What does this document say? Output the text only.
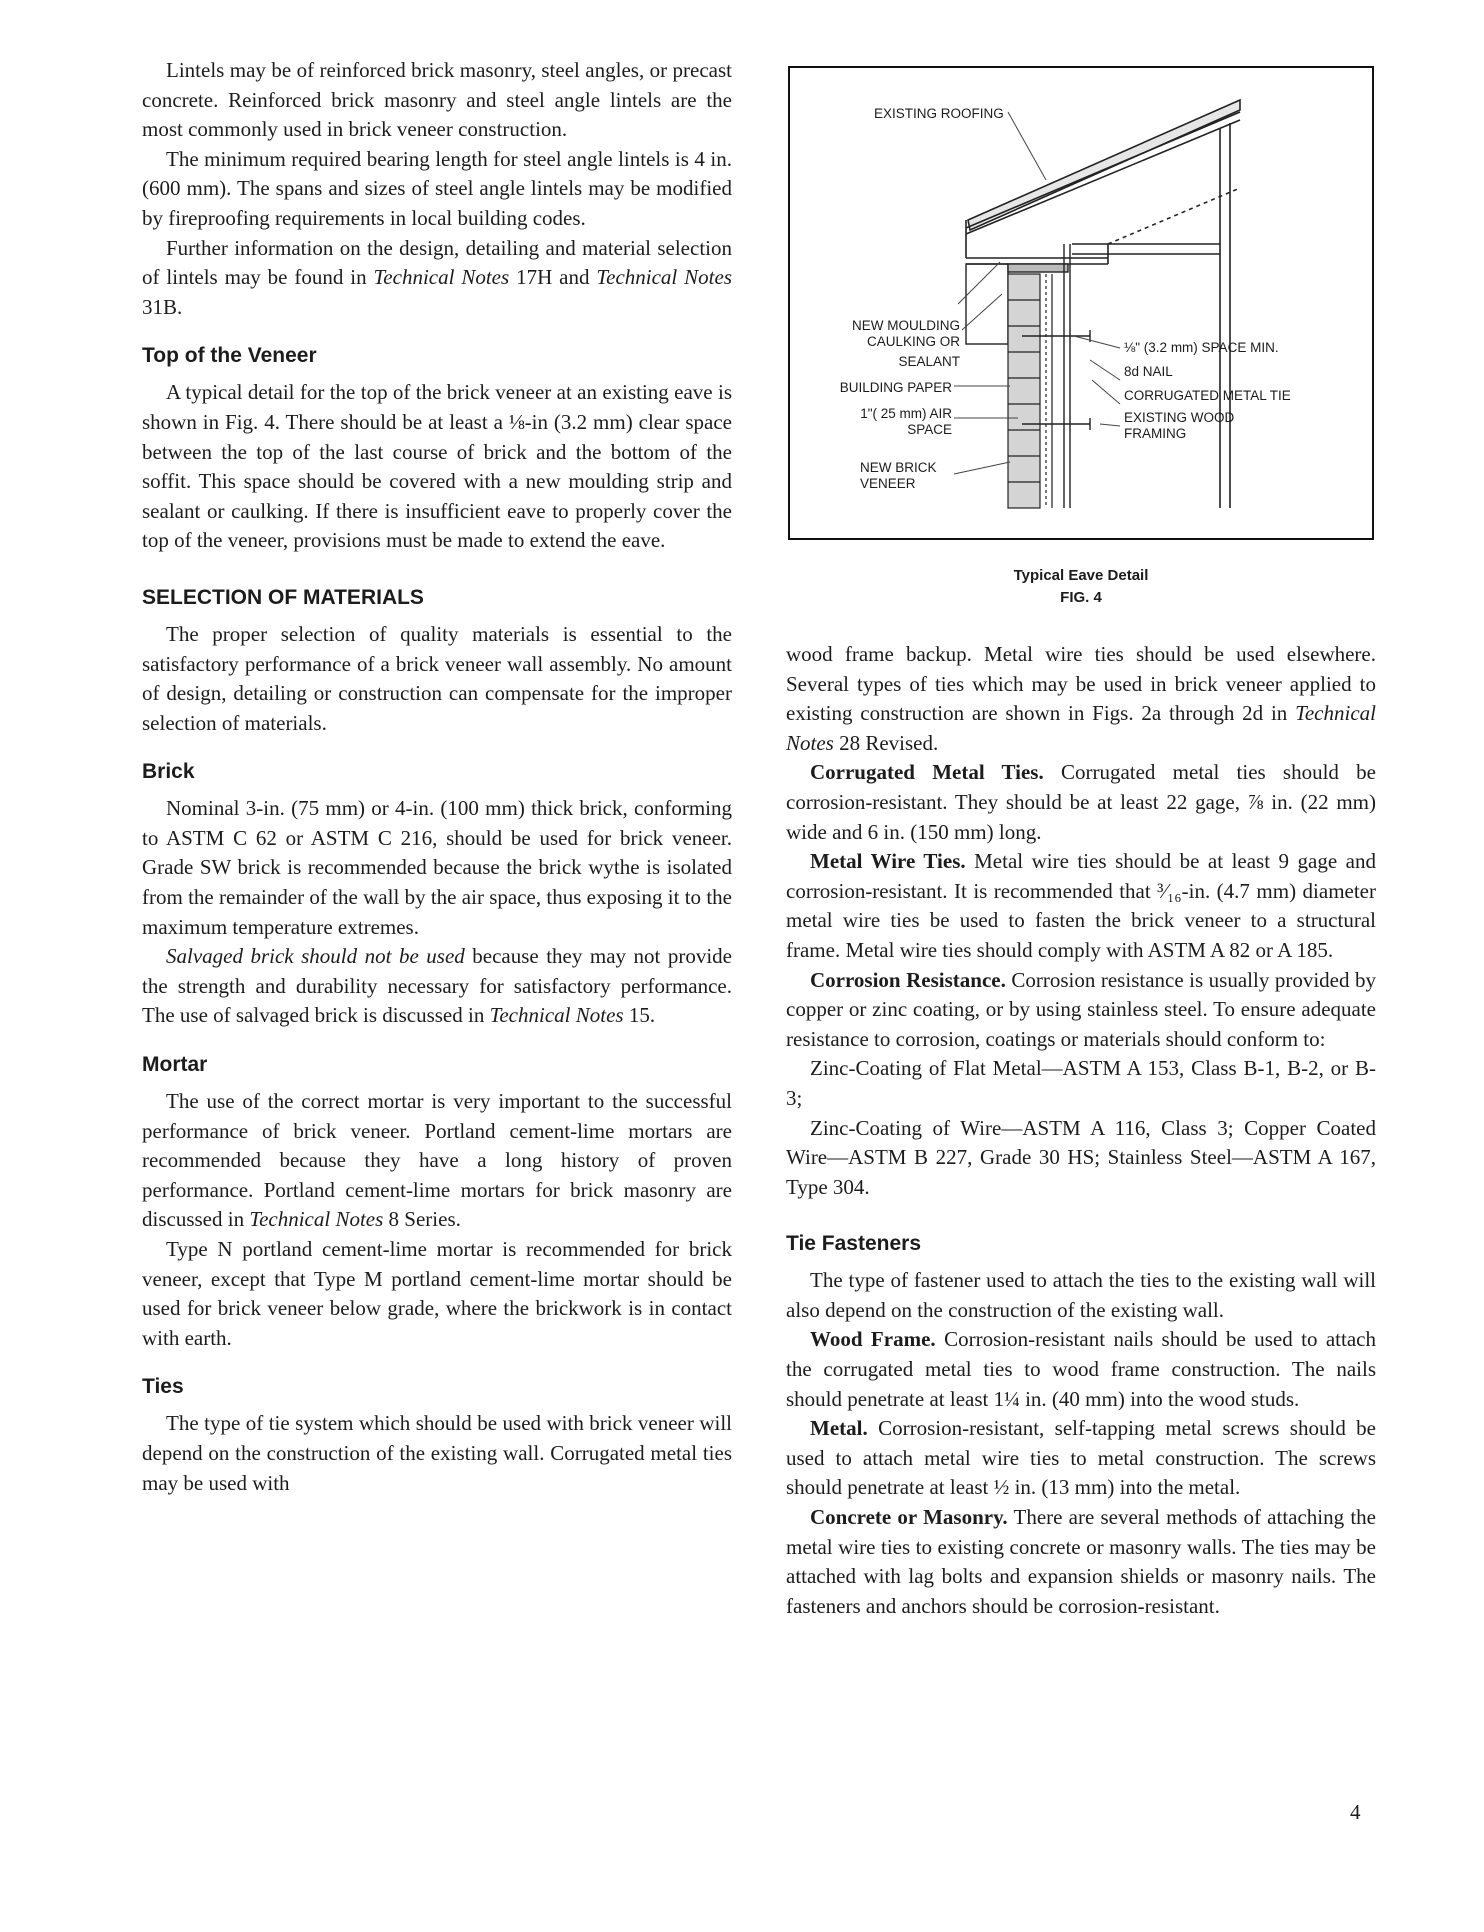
Lintels may be of reinforced brick masonry, steel angles, or precast concrete. Reinforced brick masonry and steel angle lintels are the most commonly used in brick veneer construction.

The minimum required bearing length for steel angle lintels is 4 in. (600 mm). The spans and sizes of steel angle lintels may be modified by fireproofing requirements in local building codes.

Further information on the design, detailing and material selection of lintels may be found in Technical Notes 17H and Technical Notes 31B.

Top of the Veneer

A typical detail for the top of the brick veneer at an existing eave is shown in Fig. 4. There should be at least a ⅛-in (3.2 mm) clear space between the top of the last course of brick and the bottom of the soffit. This space should be covered with a new moulding strip and sealant or caulking. If there is insufficient eave to properly cover the top of the veneer, provisions must be made to extend the eave.

SELECTION OF MATERIALS

The proper selection of quality materials is essential to the satisfactory performance of a brick veneer wall assembly. No amount of design, detailing or construction can compensate for the improper selection of materials.

Brick

Nominal 3-in. (75 mm) or 4-in. (100 mm) thick brick, conforming to ASTM C 62 or ASTM C 216, should be used for brick veneer. Grade SW brick is recommended because the brick wythe is isolated from the remainder of the wall by the air space, thus exposing it to the maximum temperature extremes.

Salvaged brick should not be used because they may not provide the strength and durability necessary for satisfactory performance. The use of salvaged brick is discussed in Technical Notes 15.

Mortar

The use of the correct mortar is very important to the successful performance of brick veneer. Portland cement-lime mortars are recommended because they have a long history of proven performance. Portland cement-lime mortars for brick masonry are discussed in Technical Notes 8 Series.

Type N portland cement-lime mortar is recommended for brick veneer, except that Type M portland cement-lime mortar should be used for brick veneer below grade, where the brickwork is in contact with earth.

Ties

The type of tie system which should be used with brick veneer will depend on the construction of the existing wall. Corrugated metal ties may be used with

EXISTING ROOFING
NEW MOULDING
CAULKING OR
SEALANT
BUILDING PAPER
1"( 25 mm) AIR
SPACE
NEW BRICK
VENEER
⅛" (3.2 mm) SPACE MIN.
8d NAIL
CORRUGATED METAL TIE
EXISTING WOOD
FRAMING
Typical Eave Detail
FIG. 4

wood frame backup. Metal wire ties should be used elsewhere. Several types of ties which may be used in brick veneer applied to existing construction are shown in Figs. 2a through 2d in Technical Notes 28 Revised.

Corrugated Metal Ties. Corrugated metal ties should be corrosion-resistant. They should be at least 22 gage, ⅞ in. (22 mm) wide and 6 in. (150 mm) long.

Metal Wire Ties. Metal wire ties should be at least 9 gage and corrosion-resistant. It is recommended that ³⁄₁₆-in. (4.7 mm) diameter metal wire ties be used to fasten the brick veneer to a structural frame. Metal wire ties should comply with ASTM A 82 or A 185.

Corrosion Resistance. Corrosion resistance is usually provided by copper or zinc coating, or by using stainless steel. To ensure adequate resistance to corrosion, coatings or materials should conform to:

Zinc-Coating of Flat Metal—ASTM A 153, Class B-1, B-2, or B-3;

Zinc-Coating of Wire—ASTM A 116, Class 3; Copper Coated Wire—ASTM B 227, Grade 30 HS; Stainless Steel—ASTM A 167, Type 304.

Tie Fasteners

The type of fastener used to attach the ties to the existing wall will also depend on the construction of the existing wall.

Wood Frame. Corrosion-resistant nails should be used to attach the corrugated metal ties to wood frame construction. The nails should penetrate at least 1¼ in. (40 mm) into the wood studs.

Metal. Corrosion-resistant, self-tapping metal screws should be used to attach metal wire ties to metal construction. The screws should penetrate at least ½ in. (13 mm) into the metal.

Concrete or Masonry. There are several methods of attaching the metal wire ties to existing concrete or masonry walls. The ties may be attached with lag bolts and expansion shields or masonry nails. The fasteners and anchors should be corrosion-resistant.

4
